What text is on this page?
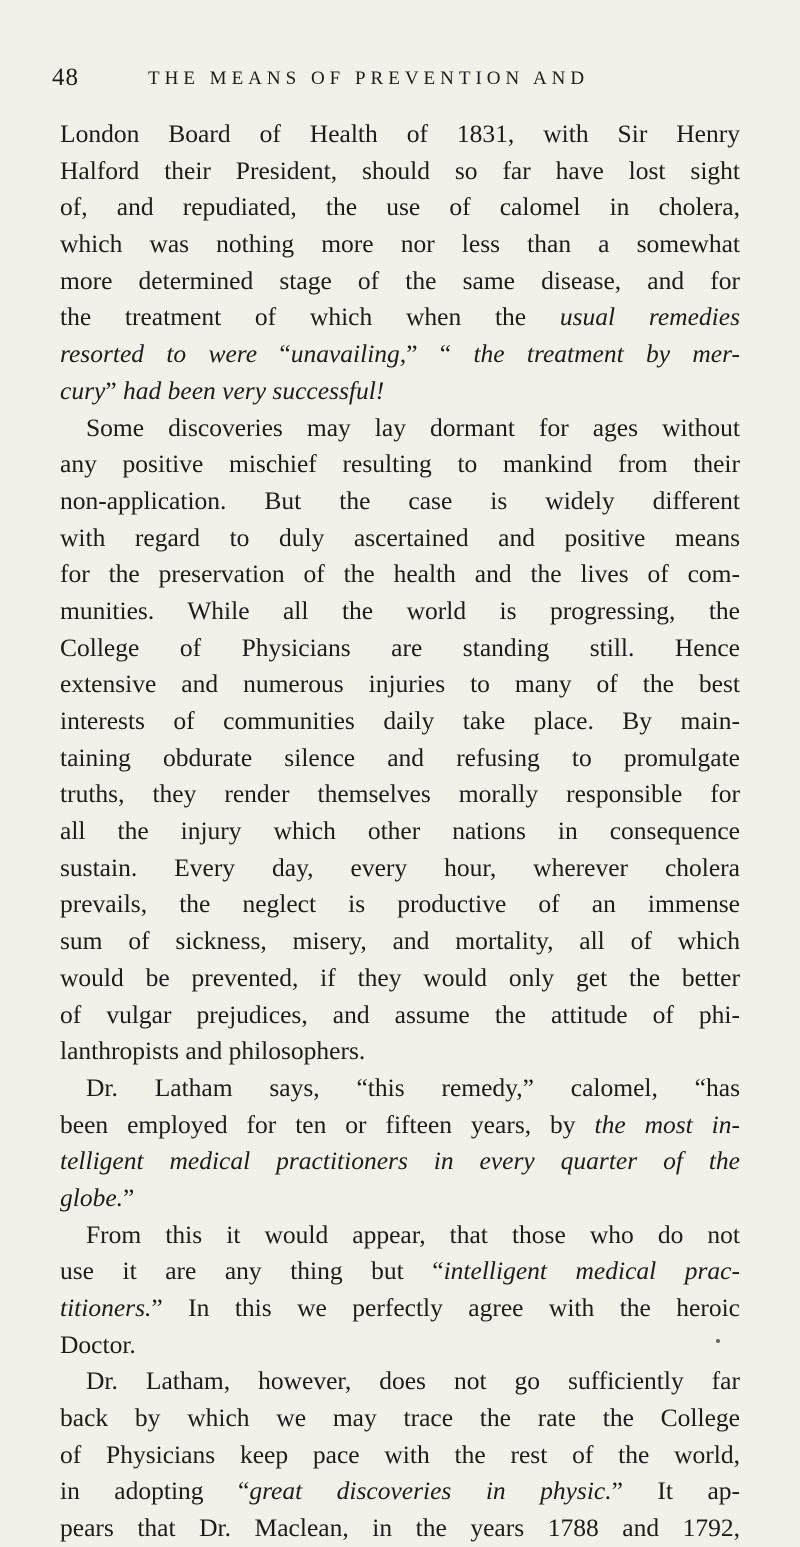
48	THE MEANS OF PREVENTION AND
London Board of Health of 1831, with Sir Henry
Halford their President, should so far have lost sight
of, and repudiated, the use of calomel in cholera,
which was nothing more nor less than a somewhat
more determined stage of the same disease, and for
the treatment of which when the usual remedies
resorted to were “unavailing,” “ the treatment by mer-
cury” had been very successful!
Some discoveries may lay dormant for ages without
any positive mischief resulting to mankind from their
non-application. But the case is widely different
with regard to duly ascertained and positive means
for the preservation of the health and the lives of com-
munities. While all the world is progressing, the
College of Physicians are standing still. Hence
extensive and numerous injuries to many of the best
interests of communities daily take place. By main-
taining obdurate silence and refusing to promulgate
truths, they render themselves morally responsible for
all the injury which other nations in consequence
sustain. Every day, every hour, wherever cholera
prevails, the neglect is productive of an immense
sum of sickness, misery, and mortality, all of which
would be prevented, if they would only get the better
of vulgar prejudices, and assume the attitude of phi-
lanthropists and philosophers.
Dr. Latham says, “this remedy,” calomel, “has
been employed for ten or fifteen years, by the most in-
telligent medical practitioners in every quarter of the
globe.”
From this it would appear, that those who do not
use it are any thing but “intelligent medical prac-
titioners.” In this we perfectly agree with the heroic
Doctor.
Dr. Latham, however, does not go sufficiently far
back by which we may trace the rate the College
of Physicians keep pace with the rest of the world,
in adopting “great discoveries in physic.” It ap-
pears that Dr. Maclean, in the years 1788 and 1792,
